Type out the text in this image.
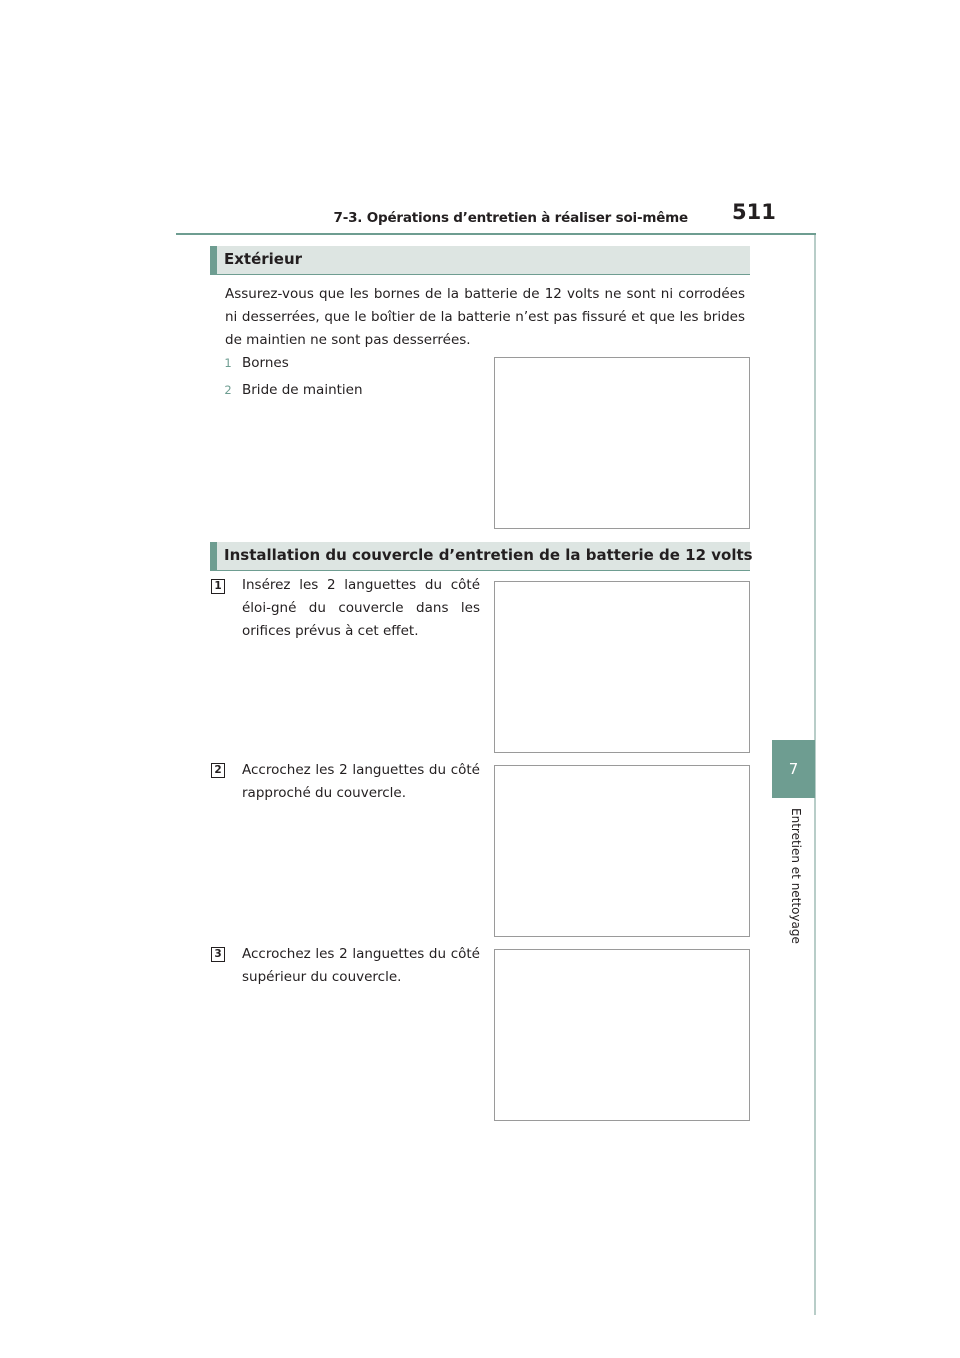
7-3. Opérations d’entretien à réaliser soi-même 511
7
Entretien et nettoyage
Extérieur
Assurez-vous que les bornes de la batterie de 12 volts ne sont ni corrodées ni desserrées, que le boîtier de la batterie n’est pas fissuré et que les brides de maintien ne sont pas desserrées.
1 Bornes
2 Bride de maintien
Installation du couvercle d’entretien de la batterie de 12 volts
1 Insérez les 2 languettes du côté éloi-gné du couvercle dans les orifices prévus à cet effet.
2 Accrochez les 2 languettes du côté rapproché du couvercle.
3 Accrochez les 2 languettes du côté supérieur du couvercle.
